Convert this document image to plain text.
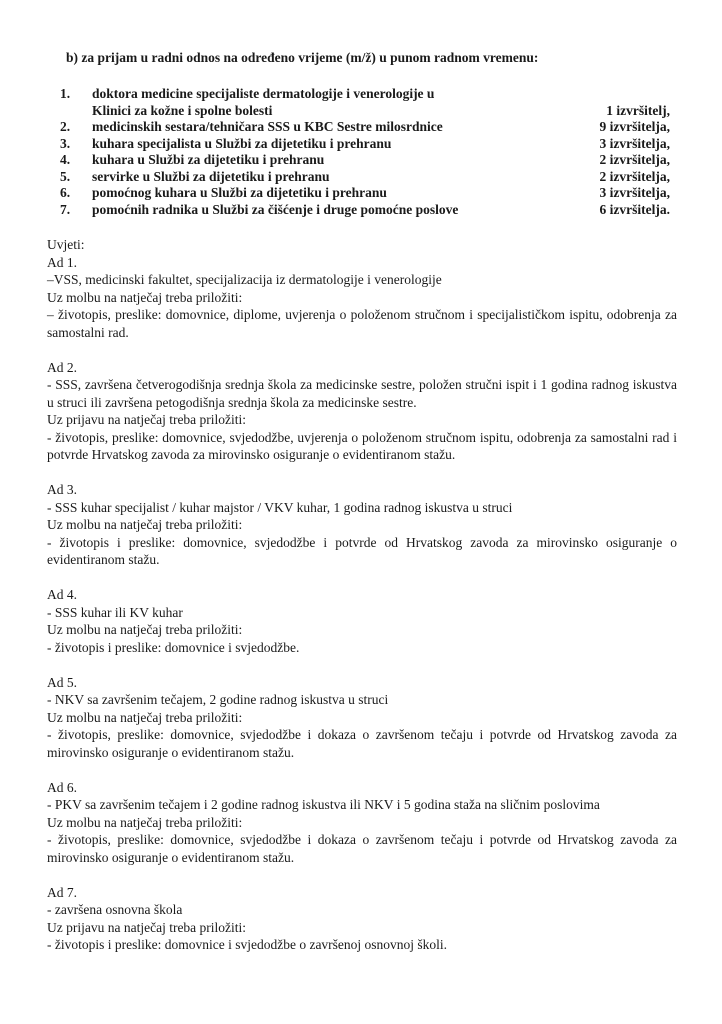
b) za prijam u radni odnos na određeno vrijeme (m/ž) u punom radnom vremenu:
1.	doktora medicine specijaliste dermatologije i venerologije u
Klinici za kožne i spolne bolesti	1 izvršitelj,
2.	medicinskih sestara/tehničara SSS u KBC Sestre milosrdnice	9 izvršitelja,
3.	kuhara specijalista u Službi za dijetetiku i prehranu	3 izvršitelja,
4.	kuhara u Službi za dijetetiku i prehranu	2 izvršitelja,
5.	servirke u Službi za dijetetiku i prehranu	2 izvršitelja,
6.	pomoćnog kuhara u Službi za dijetetiku i prehranu	3 izvršitelja,
7.	pomoćnih radnika u Službi za čišćenje i druge pomoćne poslove	6 izvršitelja.

Uvjeti:

Ad 1.

–VSS, medicinski fakultet, specijalizacija iz dermatologije i venerologije

Uz molbu na natječaj treba priložiti:

– životopis, preslike: domovnice, diplome, uvjerenja o položenom stručnom i specijalističkom ispitu, odobrenja za samostalni rad.

Ad 2.

- SSS, završena četverogodišnja srednja škola za medicinske sestre, položen stručni ispit i 1 godina radnog iskustva u struci ili završena petogodišnja srednja škola za medicinske sestre.

Uz prijavu na natječaj treba priložiti:

- životopis, preslike: domovnice, svjedodžbe, uvjerenja o položenom stručnom ispitu, odobrenja za samostalni rad i potvrde Hrvatskog zavoda za mirovinsko osiguranje o evidentiranom stažu.

Ad 3.

- SSS kuhar specijalist / kuhar majstor / VKV kuhar, 1 godina radnog iskustva u struci

Uz molbu na natječaj treba priložiti:

- životopis i preslike: domovnice, svjedodžbe i potvrde od Hrvatskog zavoda za mirovinsko osiguranje o evidentiranom stažu.

Ad 4.

- SSS kuhar ili KV kuhar

Uz molbu na natječaj treba priložiti:

- životopis i preslike: domovnice i svjedodžbe.

Ad 5.

- NKV sa završenim tečajem, 2 godine radnog iskustva u struci

Uz molbu na natječaj treba priložiti:

- životopis, preslike: domovnice, svjedodžbe i dokaza o završenom tečaju i potvrde od Hrvatskog zavoda za mirovinsko osiguranje o evidentiranom stažu.

Ad 6.

- PKV sa završenim tečajem i 2 godine radnog iskustva ili NKV i 5 godina staža na sličnim poslovima

Uz molbu na natječaj treba priložiti:

- životopis, preslike: domovnice, svjedodžbe i dokaza o završenom tečaju i potvrde od Hrvatskog zavoda za mirovinsko osiguranje o evidentiranom stažu.

Ad 7.

- završena osnovna škola

Uz prijavu na natječaj treba priložiti:

- životopis i preslike: domovnice i svjedodžbe o završenoj osnovnoj školi.
